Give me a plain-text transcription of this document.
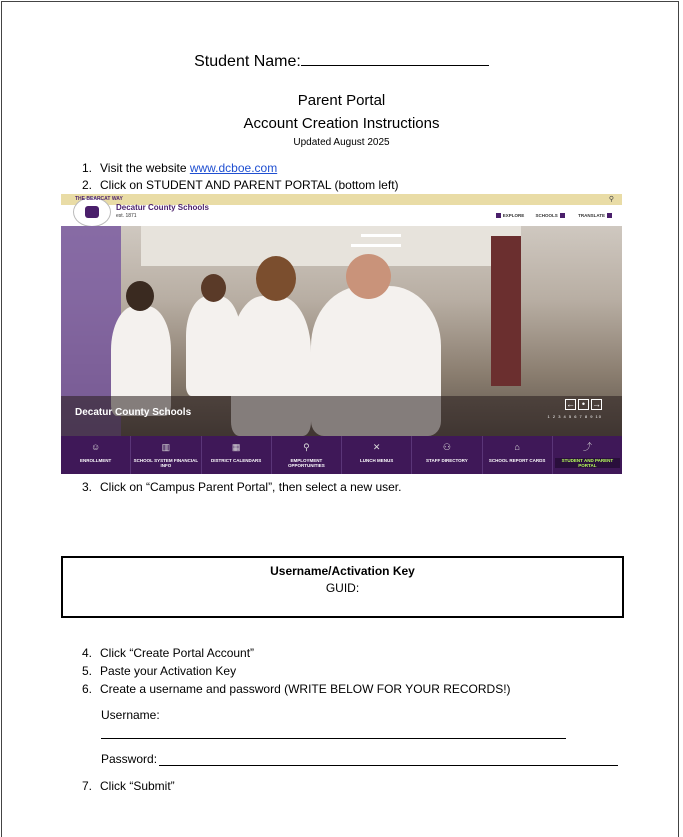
Student Name:
Parent Portal
Account Creation Instructions
Updated August 2025
1. Visit the website www.dcboe.com
2. Click on STUDENT AND PARENT PORTAL (bottom left)
⚲
THE BEARCAT WAY
Decatur County Schools
est. 1871	EXPLORE	SCHOOLS	TRANSLATE
Decatur County Schools
← • →
1 2 3 4 5 6 7 8 9 10
☺
ENROLLMENT
▥
SCHOOL SYSTEM FINANCIAL INFO
▦
DISTRICT CALENDARS
⚲
EMPLOYMENT OPPORTUNITIES
✕
LUNCH MENUS
⚇
STAFF DIRECTORY
⌂
SCHOOL REPORT CARDS
⤴
STUDENT AND PARENT PORTAL
3. Click on “Campus Parent Portal”, then select a new user.
Username/Activation Key
GUID:
4. Click “Create Portal Account”
5. Paste your Activation Key
6. Create a username and password (WRITE BELOW FOR YOUR RECORDS!)
Username:
Password:
7. Click “Submit”
